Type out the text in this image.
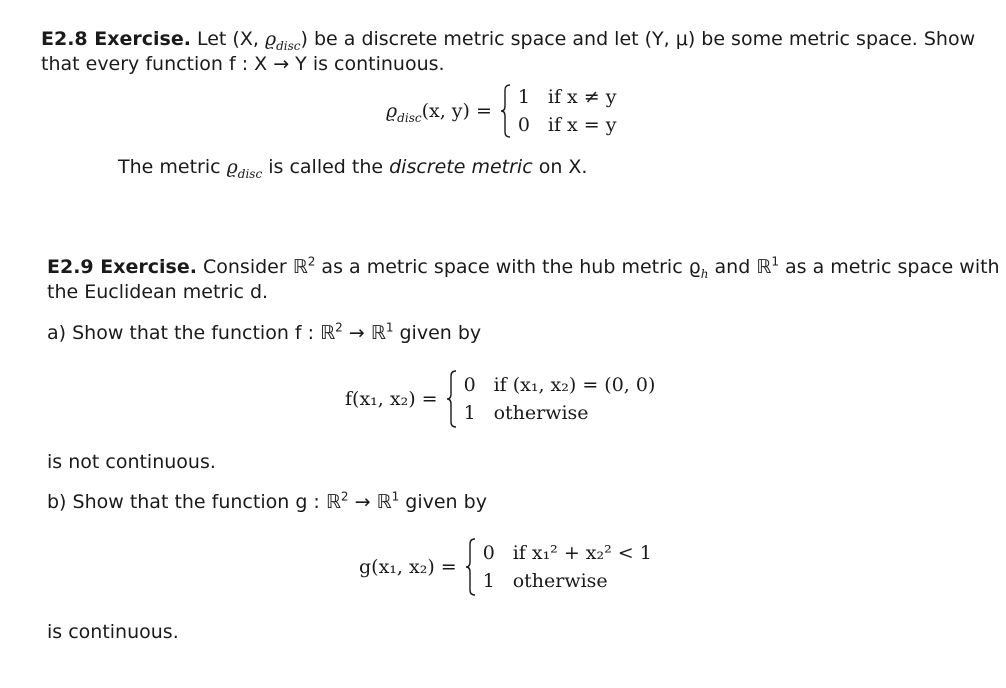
E2.8 Exercise. Let (X, $ϱ_{disc}$) be a discrete metric space and let (Y, μ) be some metric space. Show
that every function f : X → Y is continuous.
$ϱ_{disc}(x$, y) =
1 if x ≠ y
0 if x = y
The metric $ϱ_{disc}$ is called the discrete metric on X.
E2.9 Exercise. Consider ℝ$^2$ as a metric space with the hub metric $ϱ_h$ and ℝ$^1$ as a metric space with
the Euclidean metric d.
a) Show that the function f : ℝ$^2$ → ℝ$^1$ given by
f(x₁, x₂) =
0 if (x₁, x₂) = (0, 0)
1 otherwise
is not continuous.
b) Show that the function g : ℝ$^2$ → ℝ$^1$ given by
g(x₁, x₂) =
0 if x₁² + x₂² < 1
1 otherwise
is continuous.
